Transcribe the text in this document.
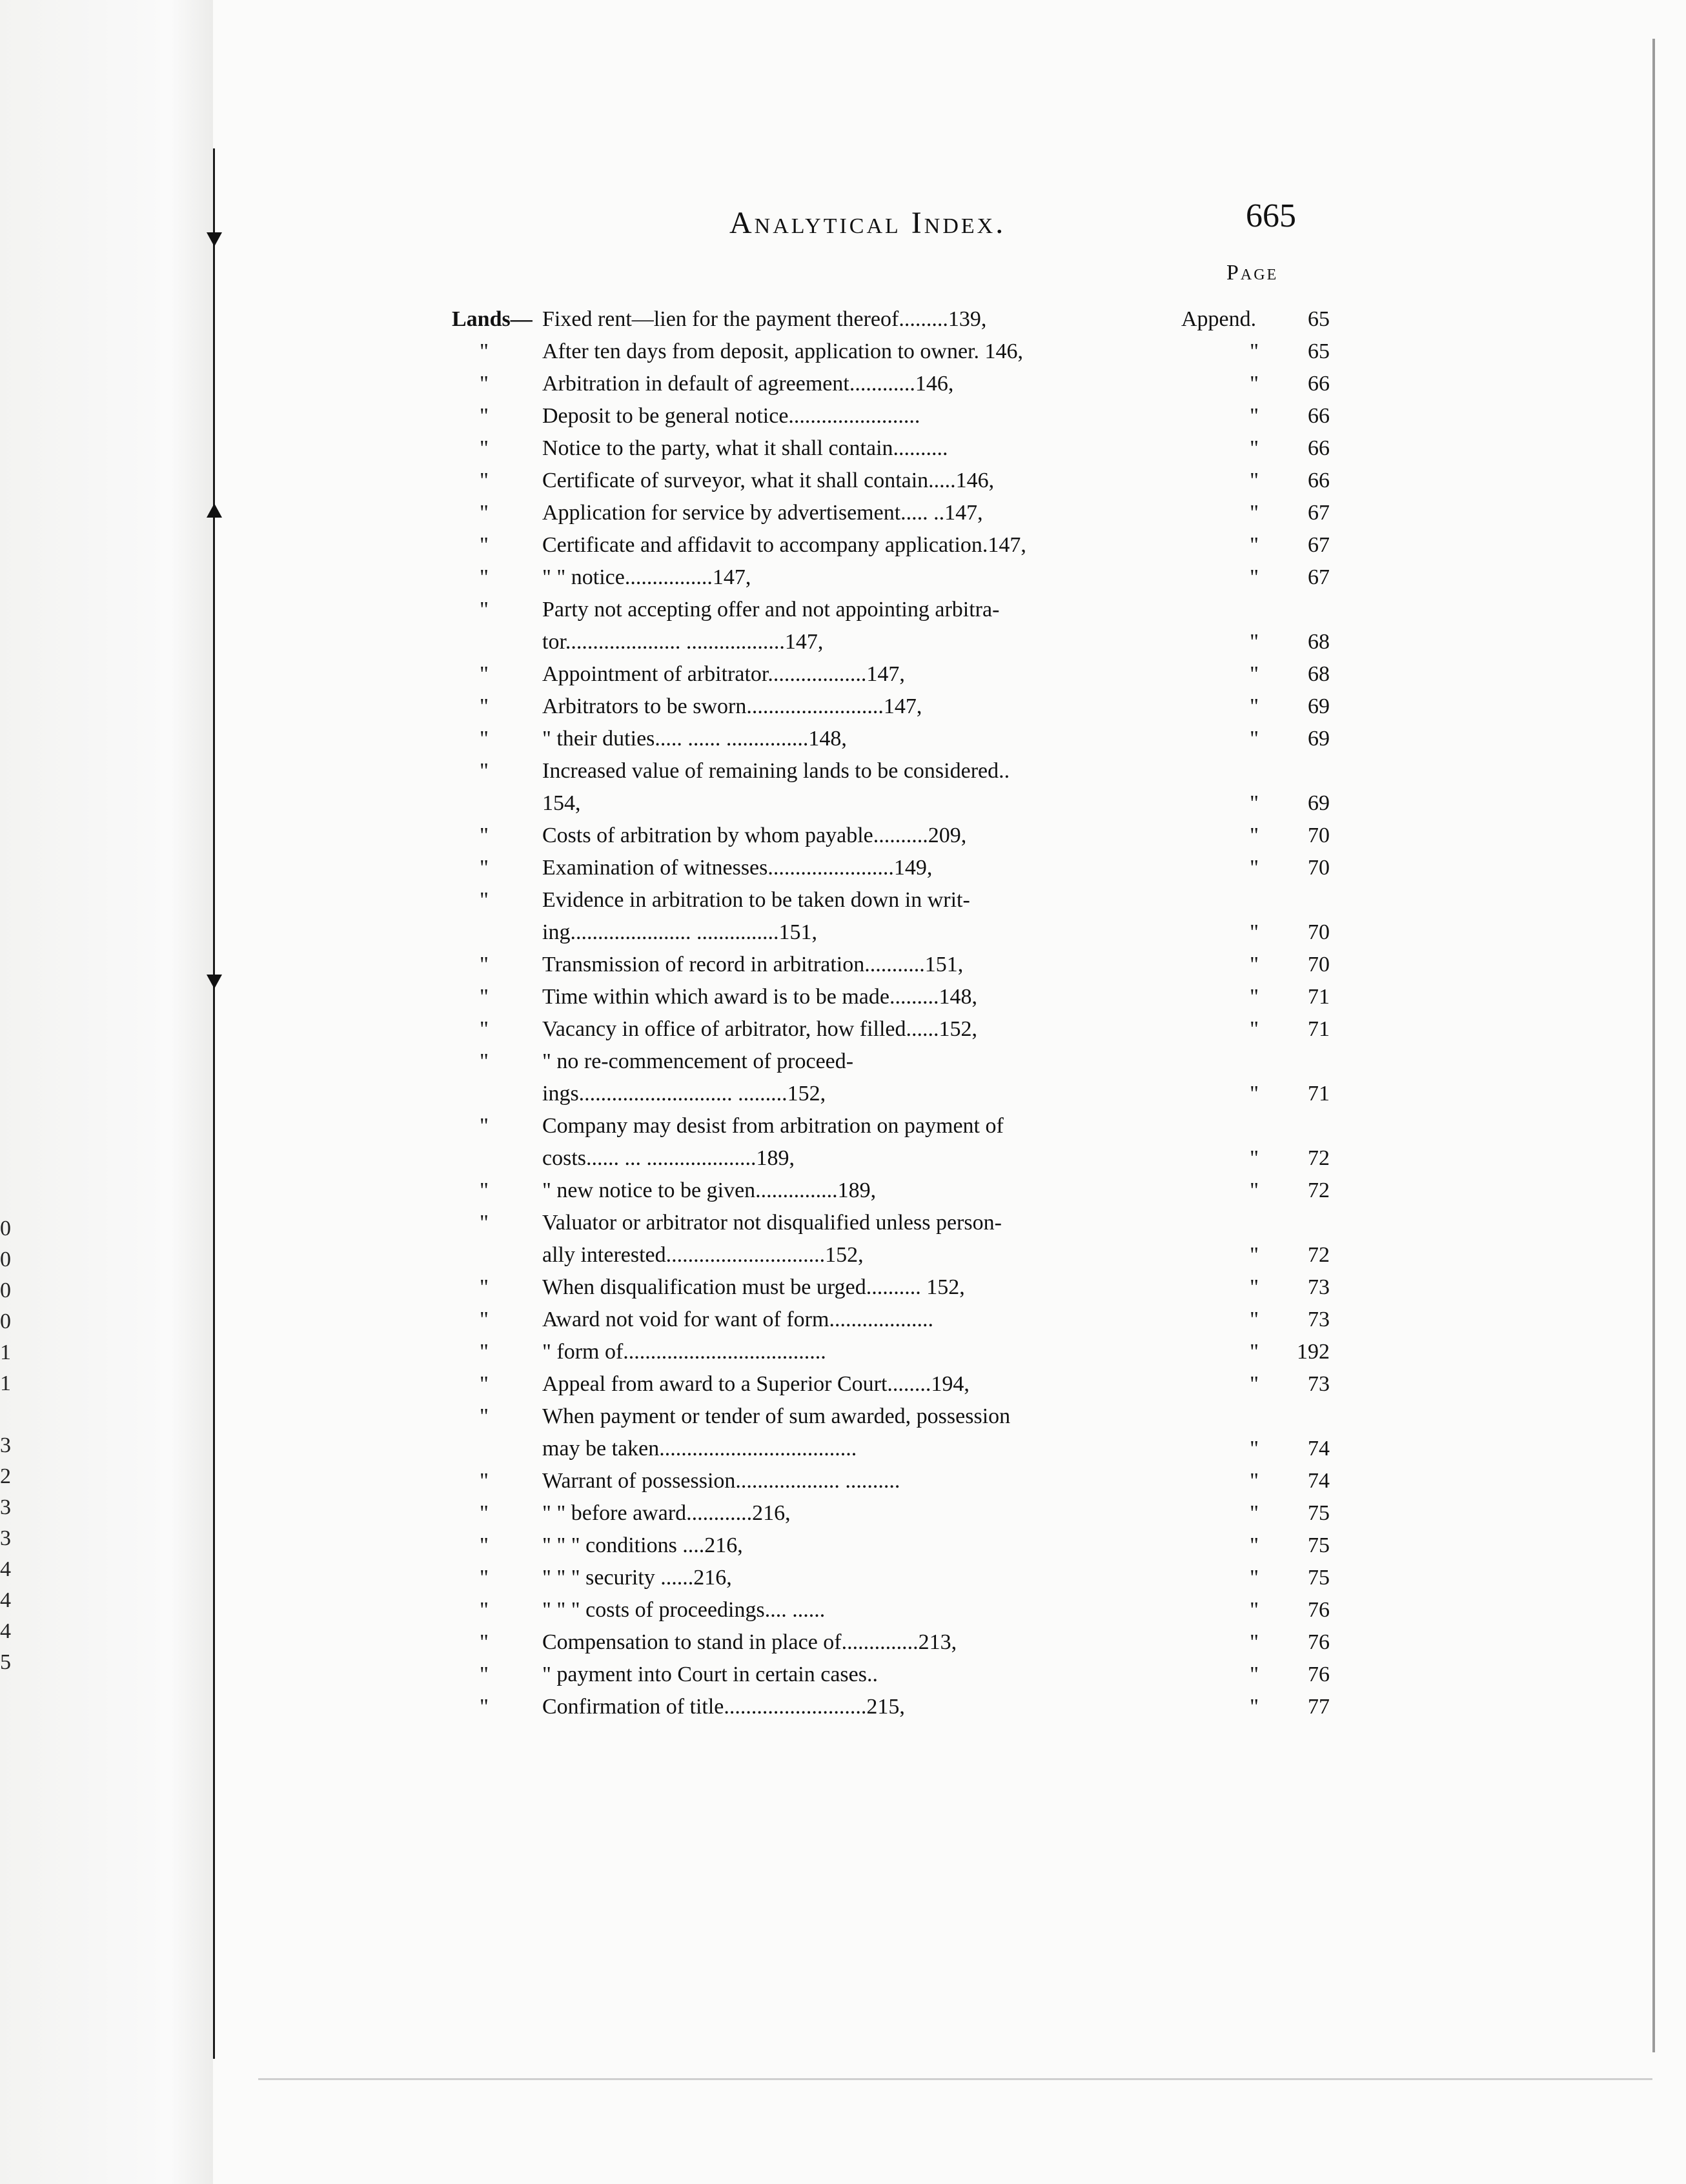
0
0
0
0
1
1
3
2
3
3
4
4
4
5
Analytical Index.	665
Page
Lands— Fixed rent—lien for the payment thereof.........139,	Append.	65
"	After ten days from deposit, application to owner. 146,	"	65
"	Arbitration in default of agreement............146,	"	66
"	Deposit to be general notice........................	"	66
"	Notice to the party, what it shall contain..........	"	66
"	Certificate of surveyor, what it shall contain.....146,	"	66
"	Application for service by advertisement..... ..147,	"	67
"	Certificate and affidavit to accompany application.147,	"	67
"	" " notice................147,	"	67
"	Party not accepting offer and not appointing arbitra-
tor..................... ..................147,	"	68
"	Appointment of arbitrator..................147,	"	68
"	Arbitrators to be sworn.........................147,	"	69
"	" their duties..... ...... ...............148,	"	69
"	Increased value of remaining lands to be considered..
154,	"	69
"	Costs of arbitration by whom payable..........209,	"	70
"	Examination of witnesses.......................149,	"	70
"	Evidence in arbitration to be taken down in writ-
ing...................... ...............151,	"	70
"	Transmission of record in arbitration...........151,	"	70
"	Time within which award is to be made.........148,	"	71
"	Vacancy in office of arbitrator, how filled......152,	"	71
"	" no re-commencement of proceed-
ings............................ .........152,	"	71
"	Company may desist from arbitration on payment of
costs...... ... ....................189,	"	72
"	" new notice to be given...............189,	"	72
"	Valuator or arbitrator not disqualified unless person-
ally interested.............................152,	"	72
"	When disqualification must be urged.......... 152,	"	73
"	Award not void for want of form...................	"	73
"	" form of.....................................	"	192
"	Appeal from award to a Superior Court........194,	"	73
"	When payment or tender of sum awarded, possession
may be taken....................................	"	74
"	Warrant of possession................... ..........	"	74
"	" " before award............216,	"	75
"	" " " conditions ....216,	"	75
"	" " " security ......216,	"	75
"	" " " costs of proceedings.... ......	"	76
"	Compensation to stand in place of..............213,	"	76
"	" payment into Court in certain cases..	"	76
"	Confirmation of title..........................215,	"	77
